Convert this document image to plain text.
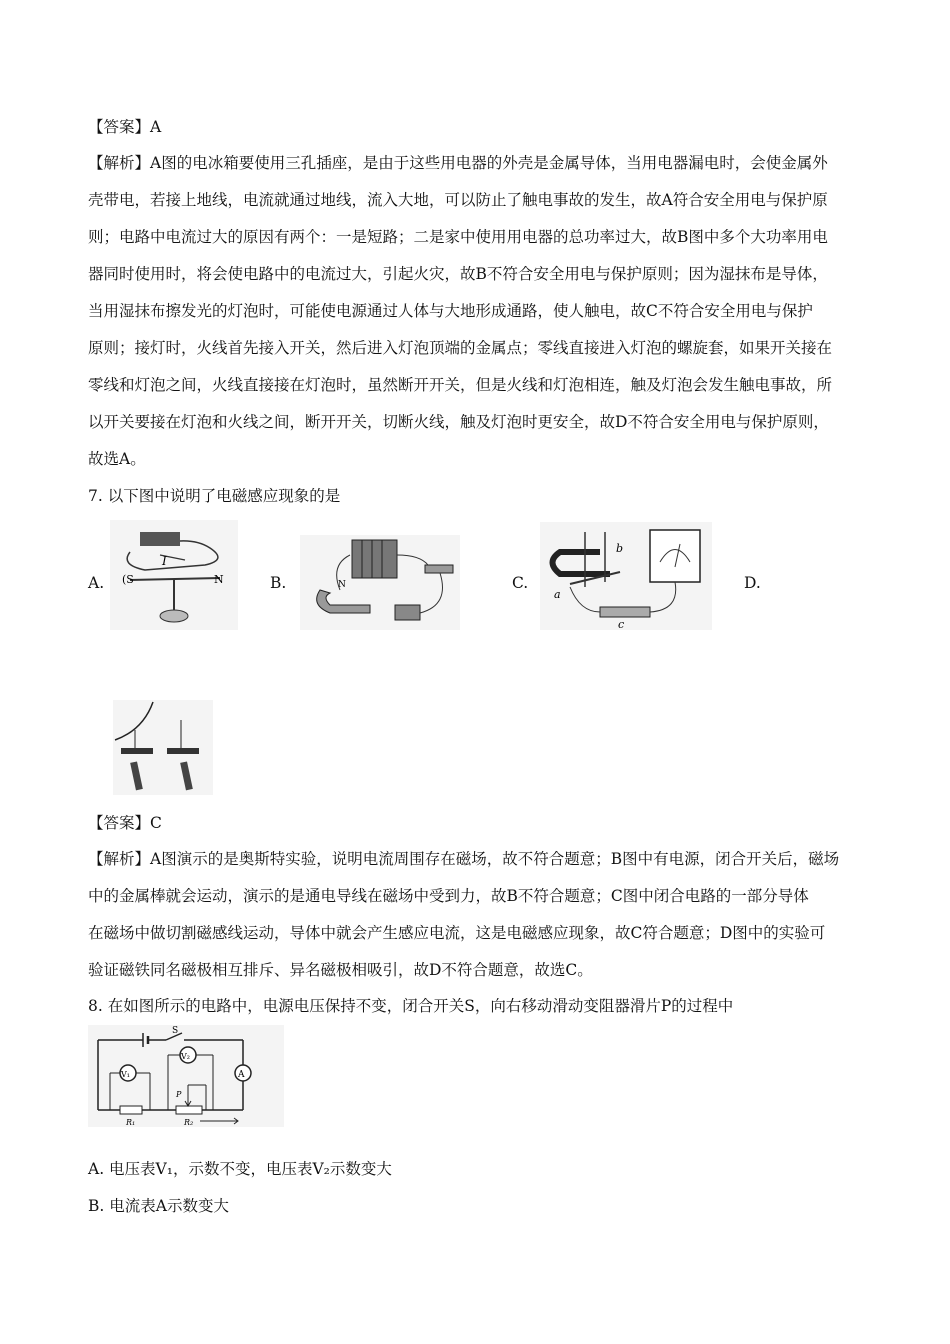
【答案】A
【解析】A图的电冰箱要使用三孔插座，是由于这些用电器的外壳是金属导体，当用电器漏电时，会使金属外
壳带电，若接上地线，电流就通过地线，流入大地，可以防止了触电事故的发生，故A符合安全用电与保护原
则；电路中电流过大的原因有两个：一是短路；二是家中使用用电器的总功率过大，故B图中多个大功率用电
器同时使用时，将会使电路中的电流过大，引起火灾，故B不符合安全用电与保护原则；因为湿抹布是导体，
当用湿抹布擦发光的灯泡时，可能使电源通过人体与大地形成通路，使人触电，故C不符合安全用电与保护
原则；接灯时，火线首先接入开关，然后进入灯泡顶端的金属点；零线直接进入灯泡的螺旋套，如果开关接在
零线和灯泡之间，火线直接接在灯泡时，虽然断开开关，但是火线和灯泡相连，触及灯泡会发生触电事故，所
以开关要接在灯泡和火线之间，断开开关，切断火线，触及灯泡时更安全，故D不符合安全用电与保护原则，
故选A。
7. 以下图中说明了电磁感应现象的是
A.
I
(S	N	B.	N	C.
a
b
c
D.
【答案】C
【解析】A图演示的是奥斯特实验，说明电流周围存在磁场，故不符合题意；B图中有电源，闭合开关后，磁场
中的金属棒就会运动，演示的是通电导线在磁场中受到力，故B不符合题意；C图中闭合电路的一部分导体
在磁场中做切割磁感线运动，导体中就会产生感应电流，这是电磁感应现象，故C符合题意；D图中的实验可
验证磁铁同名磁极相互排斥、异名磁极相吸引，故D不符合题意，故选C。
8. 在如图所示的电路中，电源电压保持不变，闭合开关S，向右移动滑动变阻器滑片P的过程中
S
A
R₁	R₂
V₁
V₂
P
A. 电压表V₁，示数不变，电压表V₂示数变大
B. 电流表A示数变大
